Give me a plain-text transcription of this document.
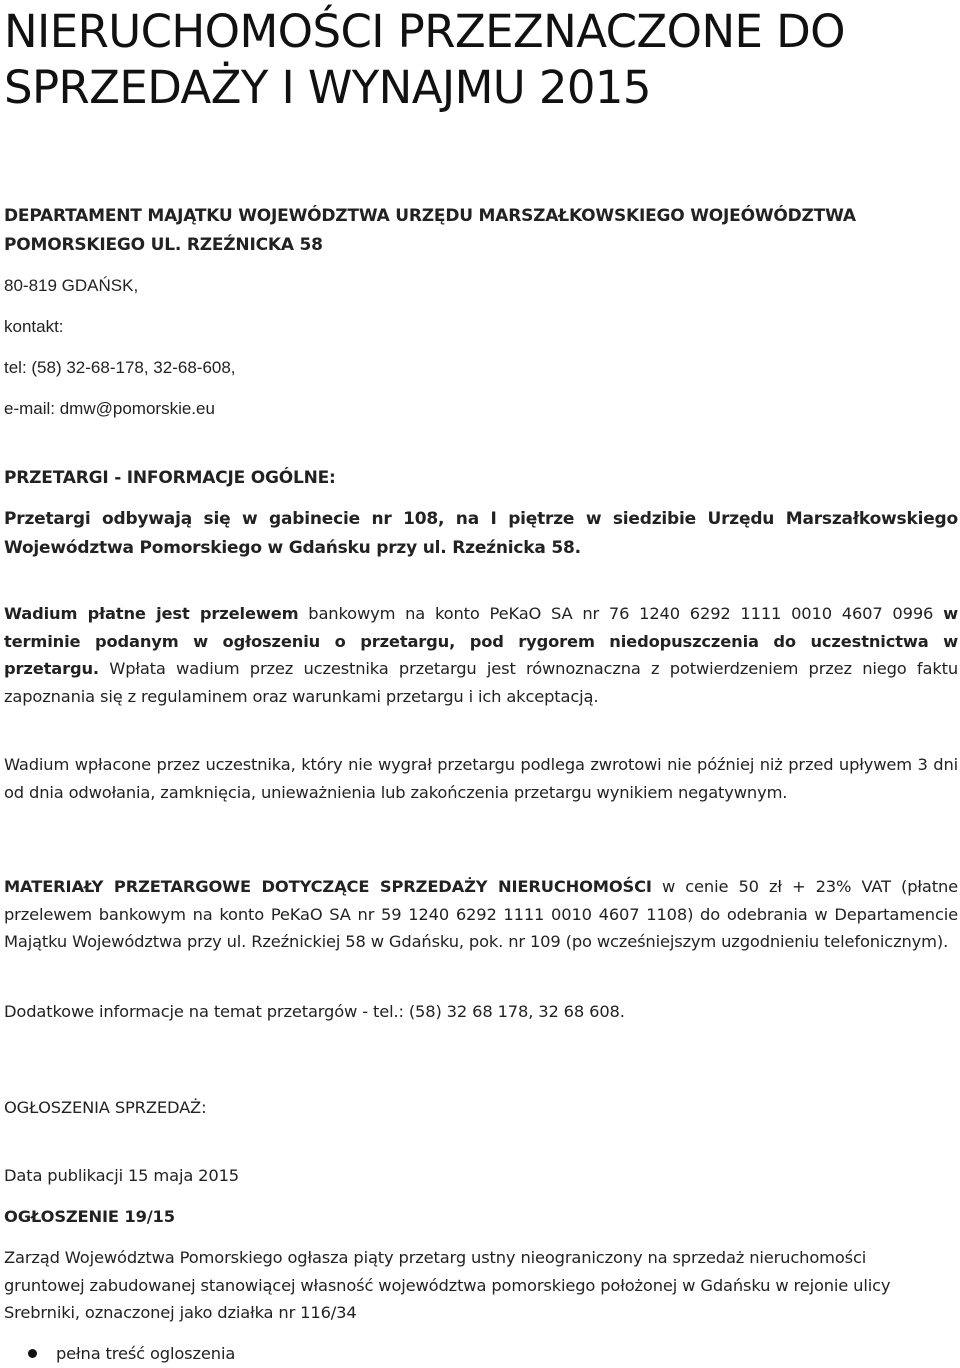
NIERUCHOMOŚCI PRZEZNACZONE DO
SPRZEDAŻY I WYNAJMU 2015

DEPARTAMENT MAJĄTKU WOJEWÓDZTWA URZĘDU MARSZAŁKOWSKIEGO WOJEÓWÓDZTWA
POMORSKIEGO UL. RZEŹNICKA 58

80-819 GDAŃSK,

kontakt:

tel: (58) 32-68-178, 32-68-608,

e-mail: dmw@pomorskie.eu

PRZETARGI - INFORMACJE OGÓLNE:

Przetargi odbywają się w gabinecie nr 108, na I piętrze w siedzibie Urzędu Marszałkowskiego Województwa Pomorskiego w Gdańsku przy ul. Rzeźnicka 58.

Wadium płatne jest przelewem bankowym na konto PeKaO SA nr 76 1240 6292 1111 0010 4607 0996 w terminie podanym w ogłoszeniu o przetargu, pod rygorem niedopuszczenia do uczestnictwa w przetargu. Wpłata wadium przez uczestnika przetargu jest równoznaczna z potwierdzeniem przez niego faktu zapoznania się z regulaminem oraz warunkami przetargu i ich akceptacją.

Wadium wpłacone przez uczestnika, który nie wygrał przetargu podlega zwrotowi nie później niż przed upływem 3 dni od dnia odwołania, zamknięcia, unieważnienia lub zakończenia przetargu wynikiem negatywnym.

MATERIAŁY PRZETARGOWE DOTYCZĄCE SPRZEDAŻY NIERUCHOMOŚCI w cenie 50 zł + 23% VAT (płatne przelewem bankowym na konto PeKaO SA nr 59 1240 6292 1111 0010 4607 1108) do odebrania w Departamencie Majątku Województwa przy ul. Rzeźnickiej 58 w Gdańsku, pok. nr 109 (po wcześniejszym uzgodnieniu telefonicznym).

Dodatkowe informacje na temat przetargów - tel.: (58) 32 68 178, 32 68 608.

OGŁOSZENIA SPRZEDAŻ:

Data publikacji 15 maja 2015

OGŁOSZENIE 19/15

Zarząd Województwa Pomorskiego ogłasza piąty przetarg ustny nieograniczony na sprzedaż nieruchomości gruntowej zabudowanej stanowiącej własność województwa pomorskiego położonej w Gdańsku w rejonie ulicy Srebrniki, oznaczonej jako działka nr 116/34

pełna treść ogloszenia
